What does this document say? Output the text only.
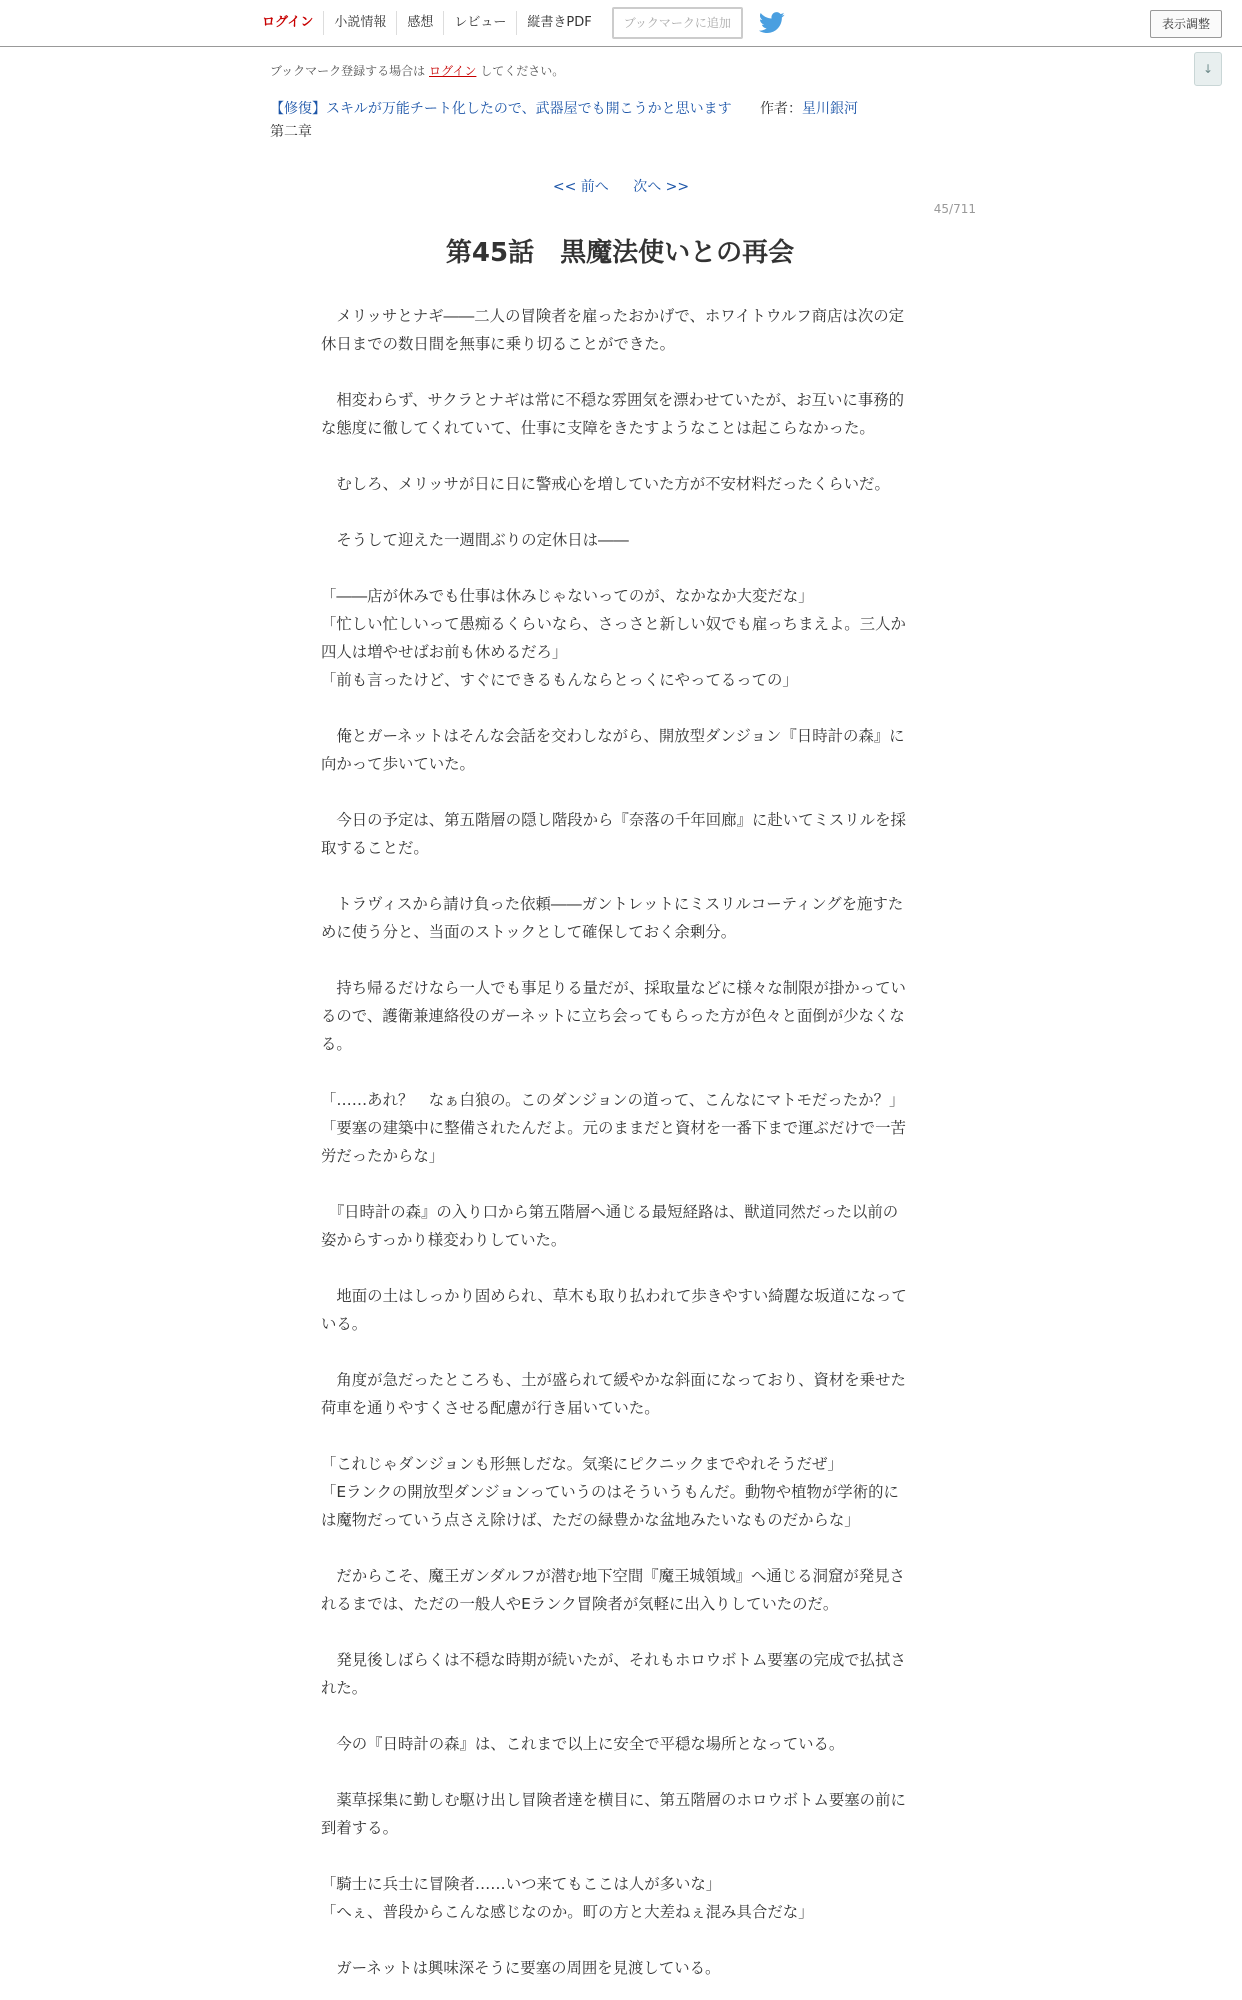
ログイン	小説情報	感想	レビュー	縦書きPDF	ブックマークに追加	表示調整
↓
ブックマーク登録する場合は ログイン してください。
【修復】スキルが万能チート化したので、武器屋でも開こうかと思います 作者：星川銀河
第二章
<< 前へ 次へ >>
45/711
第45話　黒魔法使いとの再会

　メリッサとナギ――二人の冒険者を雇ったおかげで、ホワイトウルフ商店は次の定休日までの数日間を無事に乗り切ることができた。

　相変わらず、サクラとナギは常に不穏な雰囲気を漂わせていたが、お互いに事務的な態度に徹してくれていて、仕事に支障をきたすようなことは起こらなかった。

　むしろ、メリッサが日に日に警戒心を増していた方が不安材料だったくらいだ。

　そうして迎えた一週間ぶりの定休日は――

「――店が休みでも仕事は休みじゃないってのが、なかなか大変だな」

「忙しい忙しいって愚痴るくらいなら、さっさと新しい奴でも雇っちまえよ。三人か四人は増やせばお前も休めるだろ」

「前も言ったけど、すぐにできるもんならとっくにやってるっての」

　俺とガーネットはそんな会話を交わしながら、開放型ダンジョン『日時計の森』に向かって歩いていた。

　今日の予定は、第五階層の隠し階段から『奈落の千年回廊』に赴いてミスリルを採取することだ。

　トラヴィスから請け負った依頼――ガントレットにミスリルコーティングを施すために使う分と、当面のストックとして確保しておく余剰分。

　持ち帰るだけなら一人でも事足りる量だが、採取量などに様々な制限が掛かっているので、護衛兼連絡役のガーネットに立ち会ってもらった方が色々と面倒が少なくなる。

「……あれ？　なぁ白狼の。このダンジョンの道って、こんなにマトモだったか？」

「要塞の建築中に整備されたんだよ。元のままだと資材を一番下まで運ぶだけで一苦労だったからな」

　『日時計の森』の入り口から第五階層へ通じる最短経路は、獣道同然だった以前の姿からすっかり様変わりしていた。

　地面の土はしっかり固められ、草木も取り払われて歩きやすい綺麗な坂道になっている。

　角度が急だったところも、土が盛られて緩やかな斜面になっており、資材を乗せた荷車を通りやすくさせる配慮が行き届いていた。

「これじゃダンジョンも形無しだな。気楽にピクニックまでやれそうだぜ」

「Eランクの開放型ダンジョンっていうのはそういうもんだ。動物や植物が学術的には魔物だっていう点さえ除けば、ただの緑豊かな盆地みたいなものだからな」

　だからこそ、魔王ガンダルフが潜む地下空間『魔王城領域』へ通じる洞窟が発見されるまでは、ただの一般人やEランク冒険者が気軽に出入りしていたのだ。

　発見後しばらくは不穏な時期が続いたが、それもホロウボトム要塞の完成で払拭された。

　今の『日時計の森』は、これまで以上に安全で平穏な場所となっている。

　薬草採集に勤しむ駆け出し冒険者達を横目に、第五階層のホロウボトム要塞の前に到着する。

「騎士に兵士に冒険者……いつ来てもここは人が多いな」

「へぇ、普段からこんな感じなのか。町の方と大差ねぇ混み具合だな」

　ガーネットは興味深そうに要塞の周囲を見渡している。
